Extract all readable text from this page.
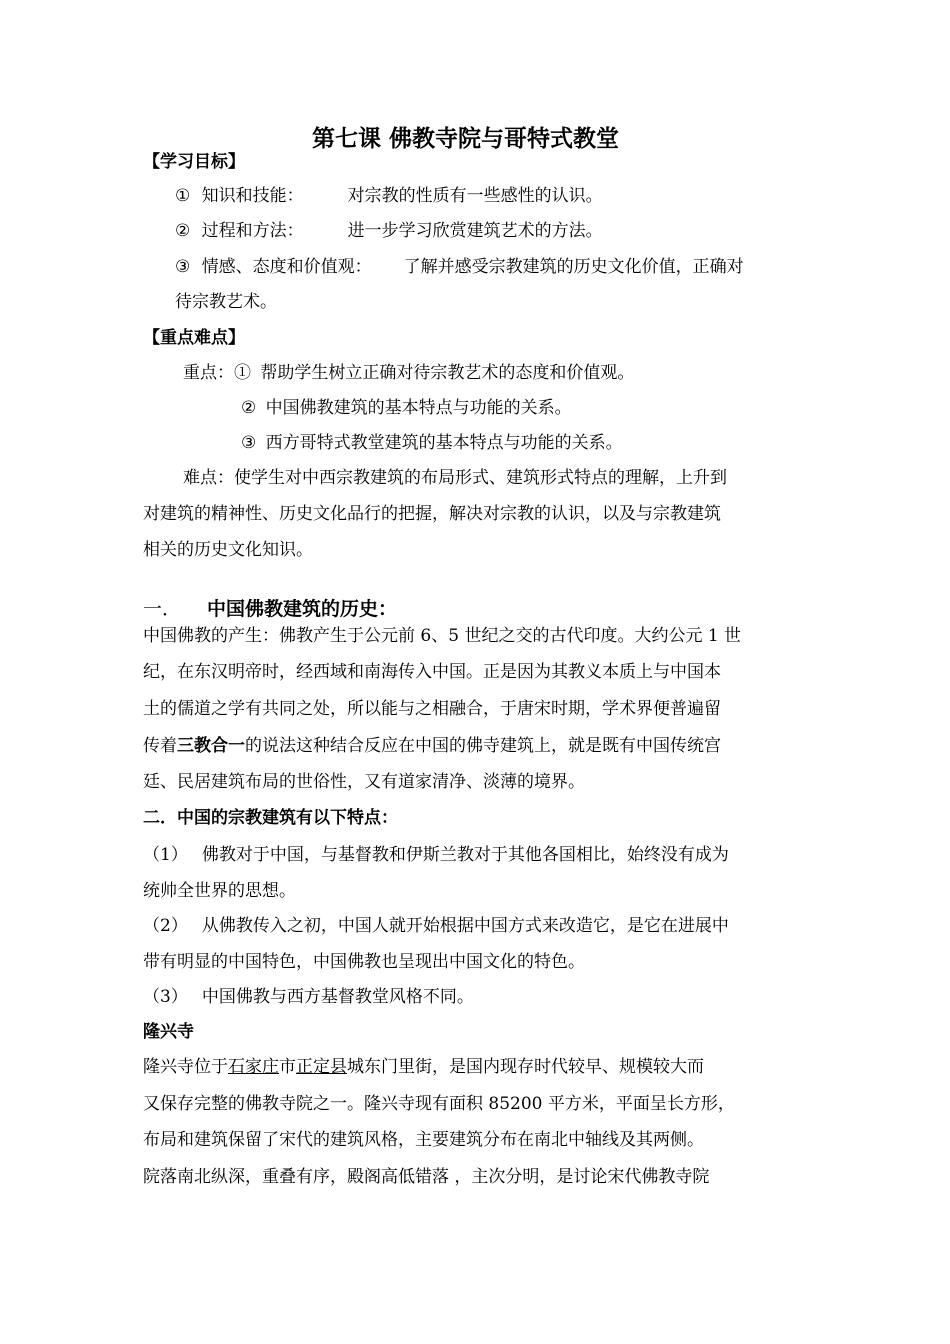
第七课 佛教寺院与哥特式教堂
【学习目标】
① 知识和技能：	对宗教的性质有一些感性的认识。
② 过程和方法：	进一步学习欣赏建筑艺术的方法。
③ 情感、态度和价值观： 了解并感受宗教建筑的历史文化价值，正确对
待宗教艺术。
【重点难点】
重点：① 帮助学生树立正确对待宗教艺术的态度和价值观。
② 中国佛教建筑的基本特点与功能的关系。
③ 西方哥特式教堂建筑的基本特点与功能的关系。
难点：使学生对中西宗教建筑的布局形式、建筑形式特点的理解，上升到
对建筑的精神性、历史文化品行的把握，解决对宗教的认识，以及与宗教建筑
相关的历史文化知识。
一． 中国佛教建筑的历史：
中国佛教的产生：佛教产生于公元前 6、5 世纪之交的古代印度。大约公元 1 世
纪，在东汉明帝时，经西域和南海传入中国。正是因为其教义本质上与中国本
土的儒道之学有共同之处，所以能与之相融合，于唐宋时期，学术界便普遍留
传着三教合一的说法这种结合反应在中国的佛寺建筑上，就是既有中国传统宫
廷、民居建筑布局的世俗性，又有道家清净、淡薄的境界。
二．中国的宗教建筑有以下特点：
（1） 佛教对于中国，与基督教和伊斯兰教对于其他各国相比，始终没有成为
统帅全世界的思想。
（2） 从佛教传入之初，中国人就开始根据中国方式来改造它，是它在进展中
带有明显的中国特色，中国佛教也呈现出中国文化的特色。
（3） 中国佛教与西方基督教堂风格不同。
隆兴寺
隆兴寺位于石家庄市正定县城东门里街，是国内现存时代较早、规模较大而
又保存完整的佛教寺院之一。隆兴寺现有面积 85200 平方米，平面呈长方形，
布局和建筑保留了宋代的建筑风格，主要建筑分布在南北中轴线及其两侧。
院落南北纵深，重叠有序，殿阁高低错落 ，主次分明，是讨论宋代佛教寺院
